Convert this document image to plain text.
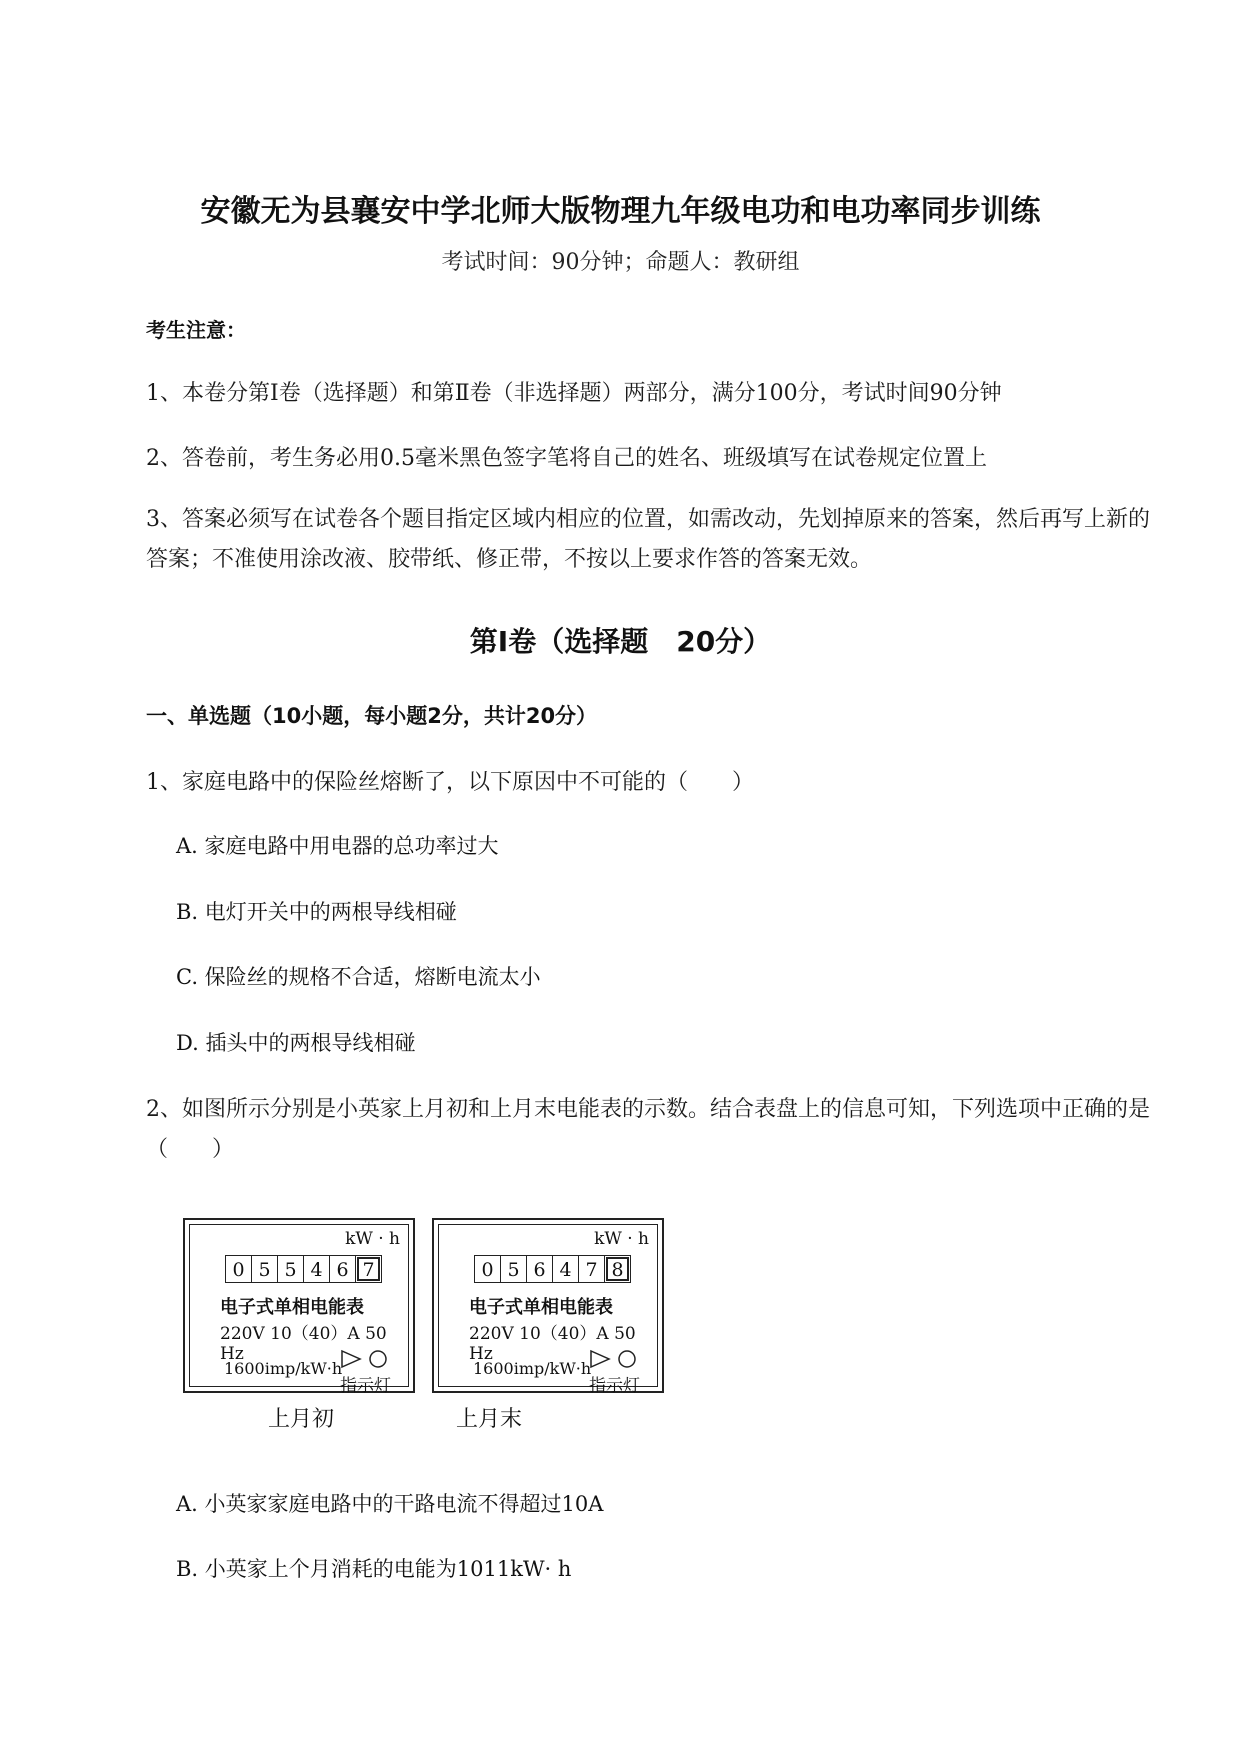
安徽无为县襄安中学北师大版物理九年级电功和电功率同步训练
考试时间：90分钟；命题人：教研组
考生注意：
1、本卷分第Ⅰ卷（选择题）和第Ⅱ卷（非选择题）两部分，满分100分，考试时间90分钟
2、答卷前，考生务必用0.5毫米黑色签字笔将自己的姓名、班级填写在试卷规定位置上
3、答案必须写在试卷各个题目指定区域内相应的位置，如需改动，先划掉原来的答案，然后再写上新的答案；不准使用涂改液、胶带纸、修正带，不按以上要求作答的答案无效。
第Ⅰ卷（选择题　20分）
一、单选题（10小题，每小题2分，共计20分）
1、家庭电路中的保险丝熔断了，以下原因中不可能的（　　）
A. 家庭电路中用电器的总功率过大
B. 电灯开关中的两根导线相碰
C. 保险丝的规格不合适，熔断电流太小
D. 插头中的两根导线相碰
2、如图所示分别是小英家上月初和上月末电能表的示数。结合表盘上的信息可知，下列选项中正确的是（　　）
kW · h
0 5 5 4 6 7
电子式单相电能表
220V 10（40）A 50 Hz
1600imp/kW·h
指示灯
上月初
kW · h
0 5 6 4 7 8
电子式单相电能表
220V 10（40）A 50 Hz
1600imp/kW·h
指示灯
上月末
A. 小英家家庭电路中的干路电流不得超过10A
B. 小英家上个月消耗的电能为1011kW· h
